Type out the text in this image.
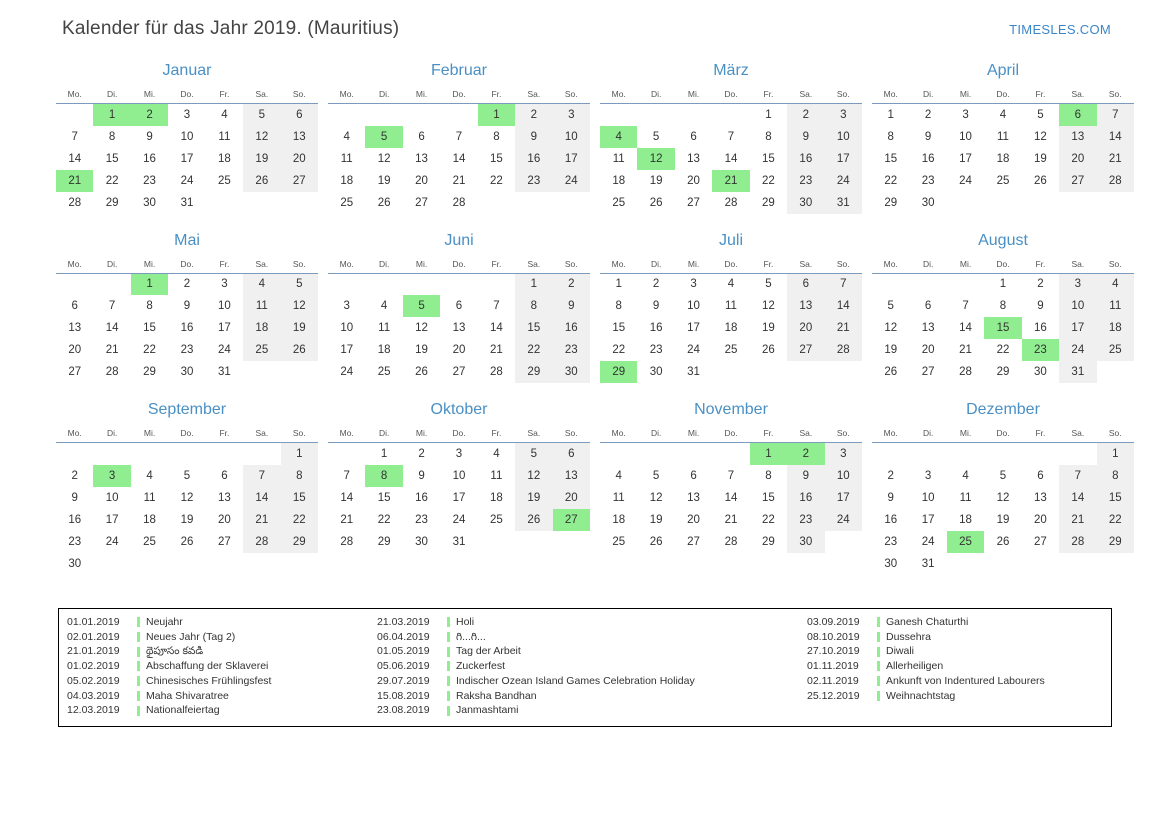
Kalender für das Jahr 2019. (Mauritius)	TIMESLES.COM
Januar
Mo.	Di.	Mi.	Do.	Fr.	Sa.	So.
	1	2	3	4	5	6
7	8	9	10	11	12	13
14	15	16	17	18	19	20
21	22	23	24	25	26	27
28	29	30	31			
Februar
Mo.	Di.	Mi.	Do.	Fr.	Sa.	So.
				1	2	3
4	5	6	7	8	9	10
11	12	13	14	15	16	17
18	19	20	21	22	23	24
25	26	27	28			
März
Mo.	Di.	Mi.	Do.	Fr.	Sa.	So.
				1	2	3
4	5	6	7	8	9	10
11	12	13	14	15	16	17
18	19	20	21	22	23	24
25	26	27	28	29	30	31
April
Mo.	Di.	Mi.	Do.	Fr.	Sa.	So.
1	2	3	4	5	6	7
8	9	10	11	12	13	14
15	16	17	18	19	20	21
22	23	24	25	26	27	28
29	30					
Mai
Mo.	Di.	Mi.	Do.	Fr.	Sa.	So.
		1	2	3	4	5
6	7	8	9	10	11	12
13	14	15	16	17	18	19
20	21	22	23	24	25	26
27	28	29	30	31		
Juni
Mo.	Di.	Mi.	Do.	Fr.	Sa.	So.
					1	2
3	4	5	6	7	8	9
10	11	12	13	14	15	16
17	18	19	20	21	22	23
24	25	26	27	28	29	30
Juli
Mo.	Di.	Mi.	Do.	Fr.	Sa.	So.
1	2	3	4	5	6	7
8	9	10	11	12	13	14
15	16	17	18	19	20	21
22	23	24	25	26	27	28
29	30	31				
August
Mo.	Di.	Mi.	Do.	Fr.	Sa.	So.
			1	2	3	4
5	6	7	8	9	10	11
12	13	14	15	16	17	18
19	20	21	22	23	24	25
26	27	28	29	30	31	
September
Mo.	Di.	Mi.	Do.	Fr.	Sa.	So.
						1
2	3	4	5	6	7	8
9	10	11	12	13	14	15
16	17	18	19	20	21	22
23	24	25	26	27	28	29
30						
Oktober
Mo.	Di.	Mi.	Do.	Fr.	Sa.	So.
	1	2	3	4	5	6
7	8	9	10	11	12	13
14	15	16	17	18	19	20
21	22	23	24	25	26	27
28	29	30	31			
November
Mo.	Di.	Mi.	Do.	Fr.	Sa.	So.
				1	2	3
4	5	6	7	8	9	10
11	12	13	14	15	16	17
18	19	20	21	22	23	24
25	26	27	28	29	30	
Dezember
Mo.	Di.	Mi.	Do.	Fr.	Sa.	So.
						1
2	3	4	5	6	7	8
9	10	11	12	13	14	15
16	17	18	19	20	21	22
23	24	25	26	27	28	29
30	31					
01.01.2019	Neujahr
02.01.2019	Neues Jahr (Tag 2)
21.01.2019	థైపూసం కవడి
01.02.2019	Abschaffung der Sklaverei
05.02.2019	Chinesisches Frühlingsfest
04.03.2019	Maha Shivaratree
12.03.2019	Nationalfeiertag
21.03.2019	Holi
06.04.2019	గి...గి...
01.05.2019	Tag der Arbeit
05.06.2019	Zuckerfest
29.07.2019	Indischer Ozean Island Games Celebration Holiday
15.08.2019	Raksha Bandhan
23.08.2019	Janmashtami
03.09.2019	Ganesh Chaturthi
08.10.2019	Dussehra
27.10.2019	Diwali
01.11.2019	Allerheiligen
02.11.2019	Ankunft von Indentured Labourers
25.12.2019	Weihnachtstag
